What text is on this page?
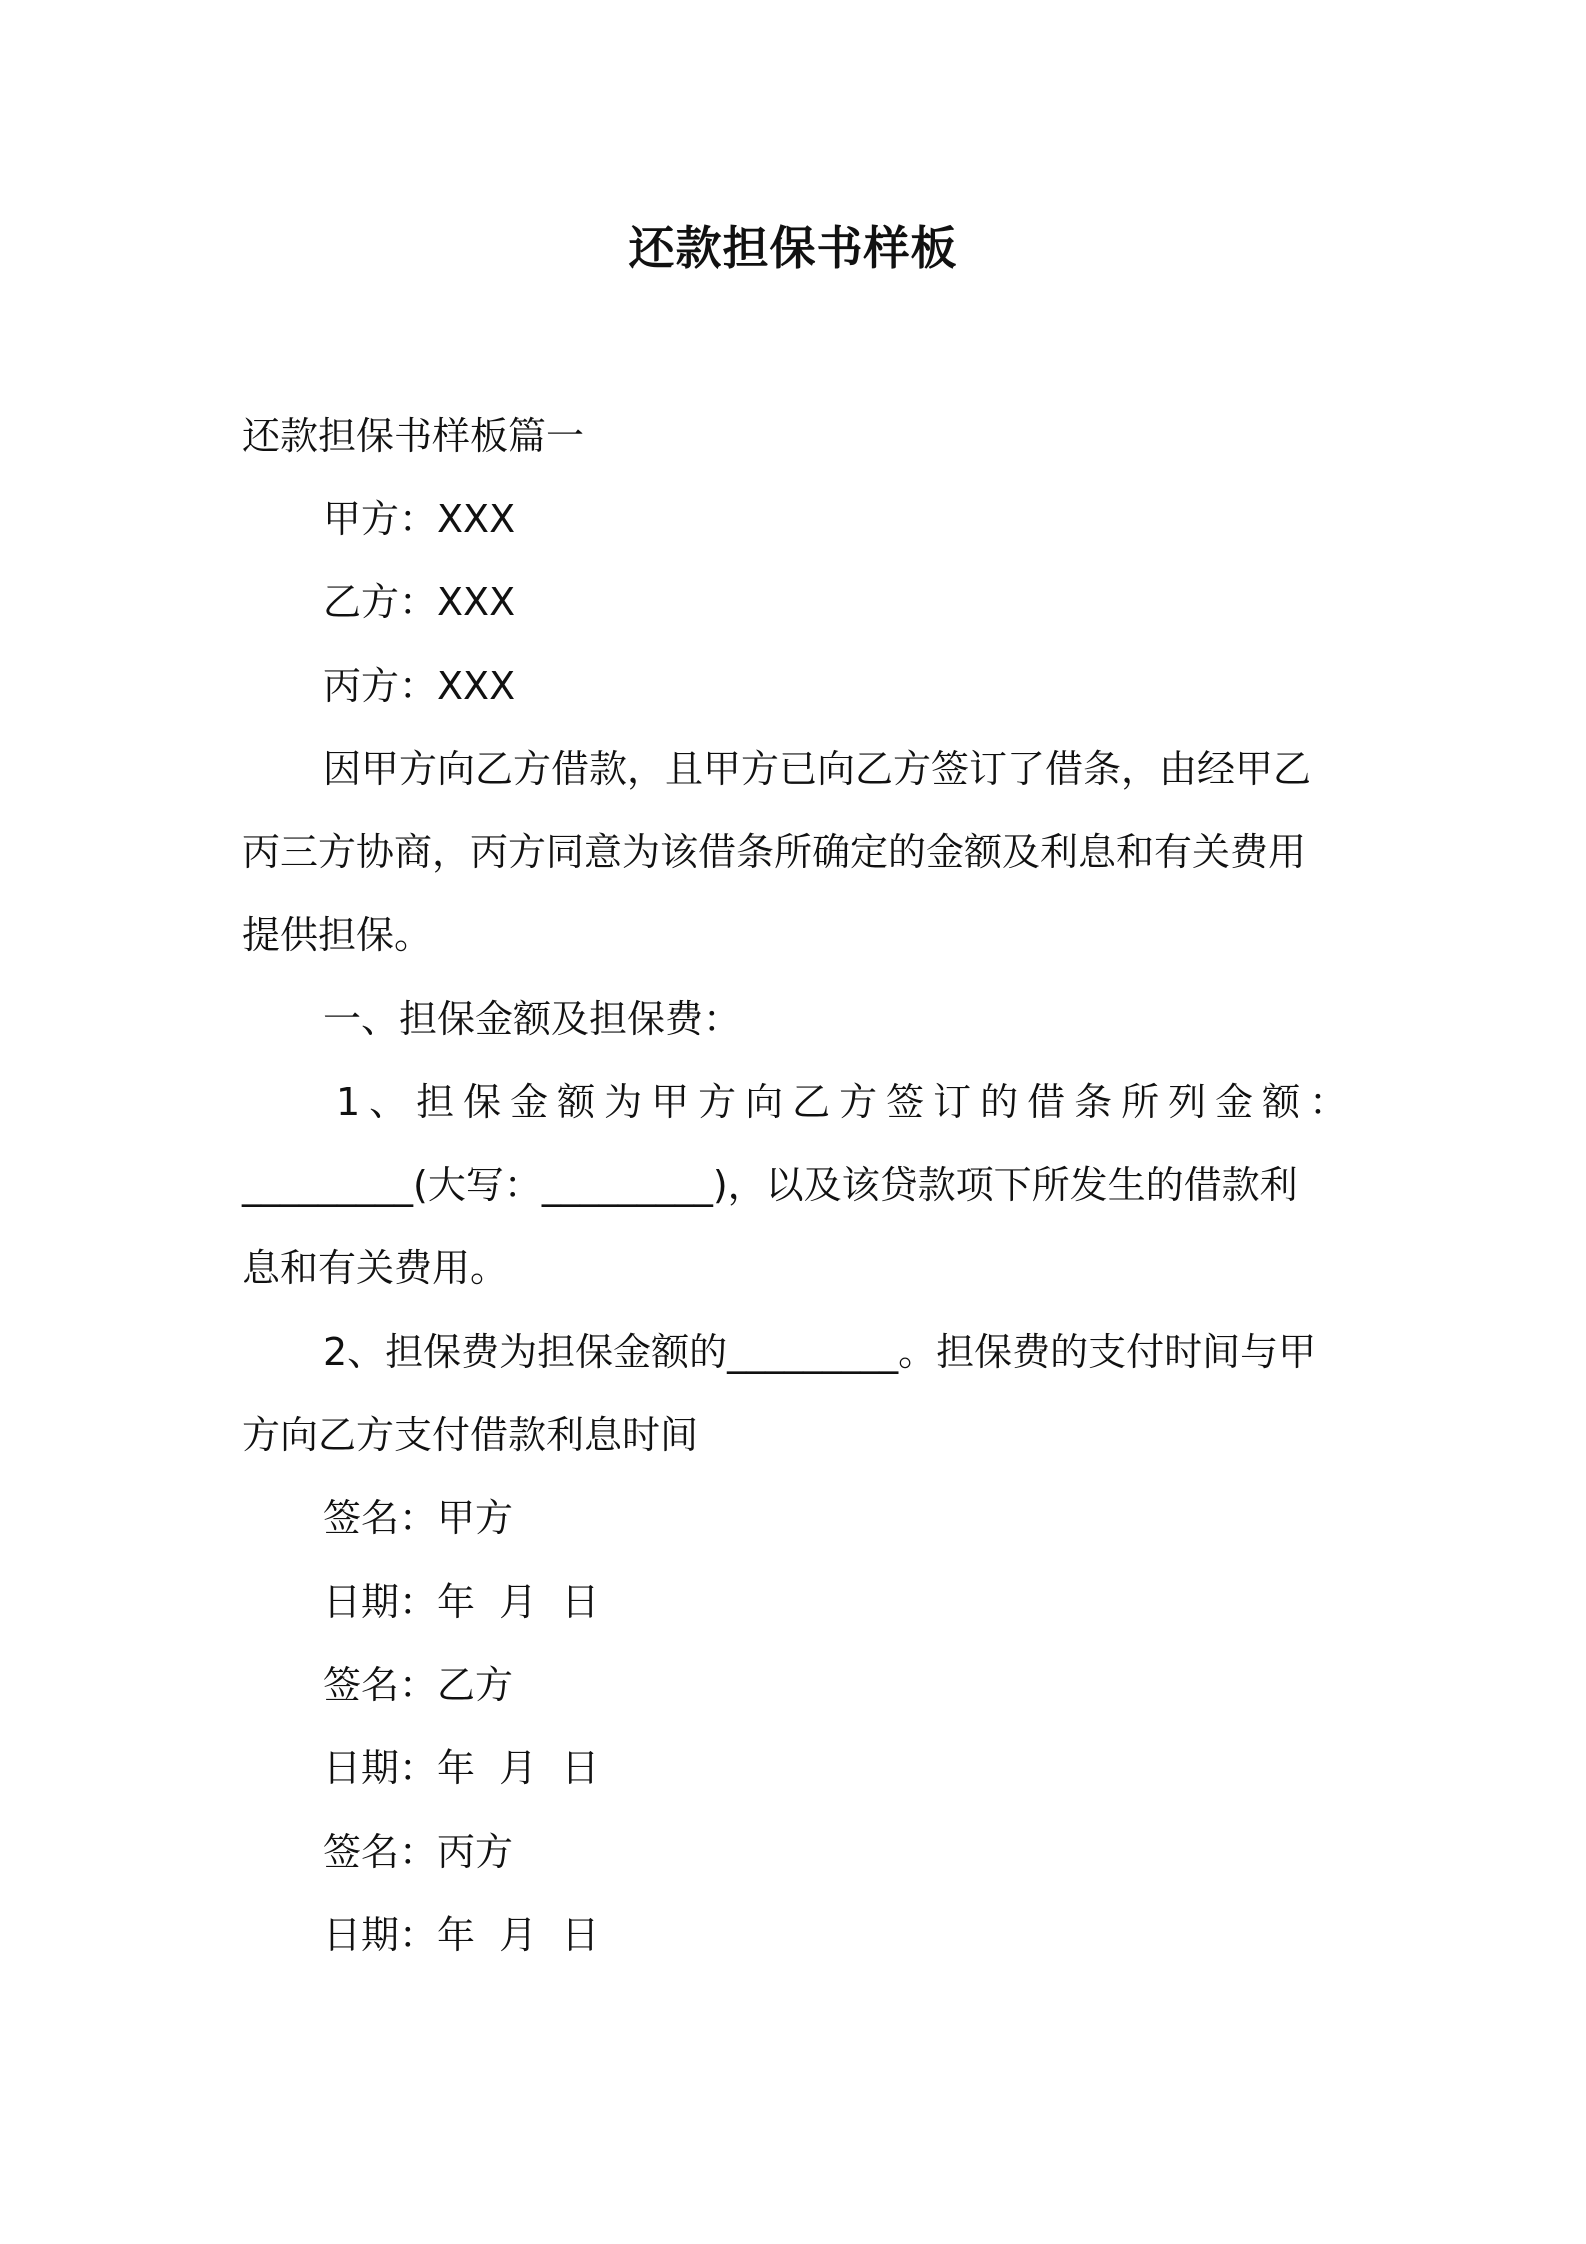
还款担保书样板
还款担保书样板篇一
甲方：XXX
乙方：XXX
丙方：XXX
因甲方向乙方借款，且甲方已向乙方签订了借条，由经甲乙
丙三方协商，丙方同意为该借条所确定的金额及利息和有关费用
提供担保。
一、担保金额及担保费：
1、担保金额为甲方向乙方签订的借条所列金额：
_________(大写：_________)，以及该贷款项下所发生的借款利
息和有关费用。
2、担保费为担保金额的_________。担保费的支付时间与甲
方向乙方支付借款利息时间
签名：甲方
日期：年  月  日
签名：乙方
日期：年  月  日
签名：丙方
日期：年  月  日
